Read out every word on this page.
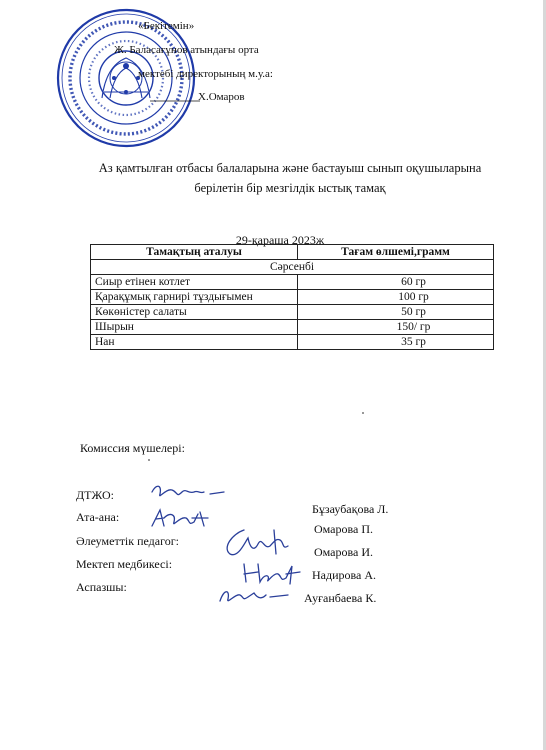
«Бекітемін»
Ж. Баласағұнов атындағы орта
мектебі директорының м.у.а:
Х.Омаров
Аз қамтылған отбасы балаларына және бастауыш сынып оқушыларына
берілетін бір мезгілдік ыстық тамақ
29-қараша 2023ж
Тамақтың аталуы	Тағам өлшемі,грамм
Сәрсенбі	
Сиыр етінен котлет	60 гр
Қарақұмық гарнирі тұздығымен	100 гр
Көкөністер салаты	50 гр
Шырын	150/ гр
Нан	35 гр
Комиссия мүшелері:
ДТЖО:
Бұзаубақова Л.
Ата-ана:
Омарова П.
Әлеуметтік педагог:
Омарова И.
Мектеп медбикесі:
Надирова А.
Аспазшы:
Ауғанбаева К.
